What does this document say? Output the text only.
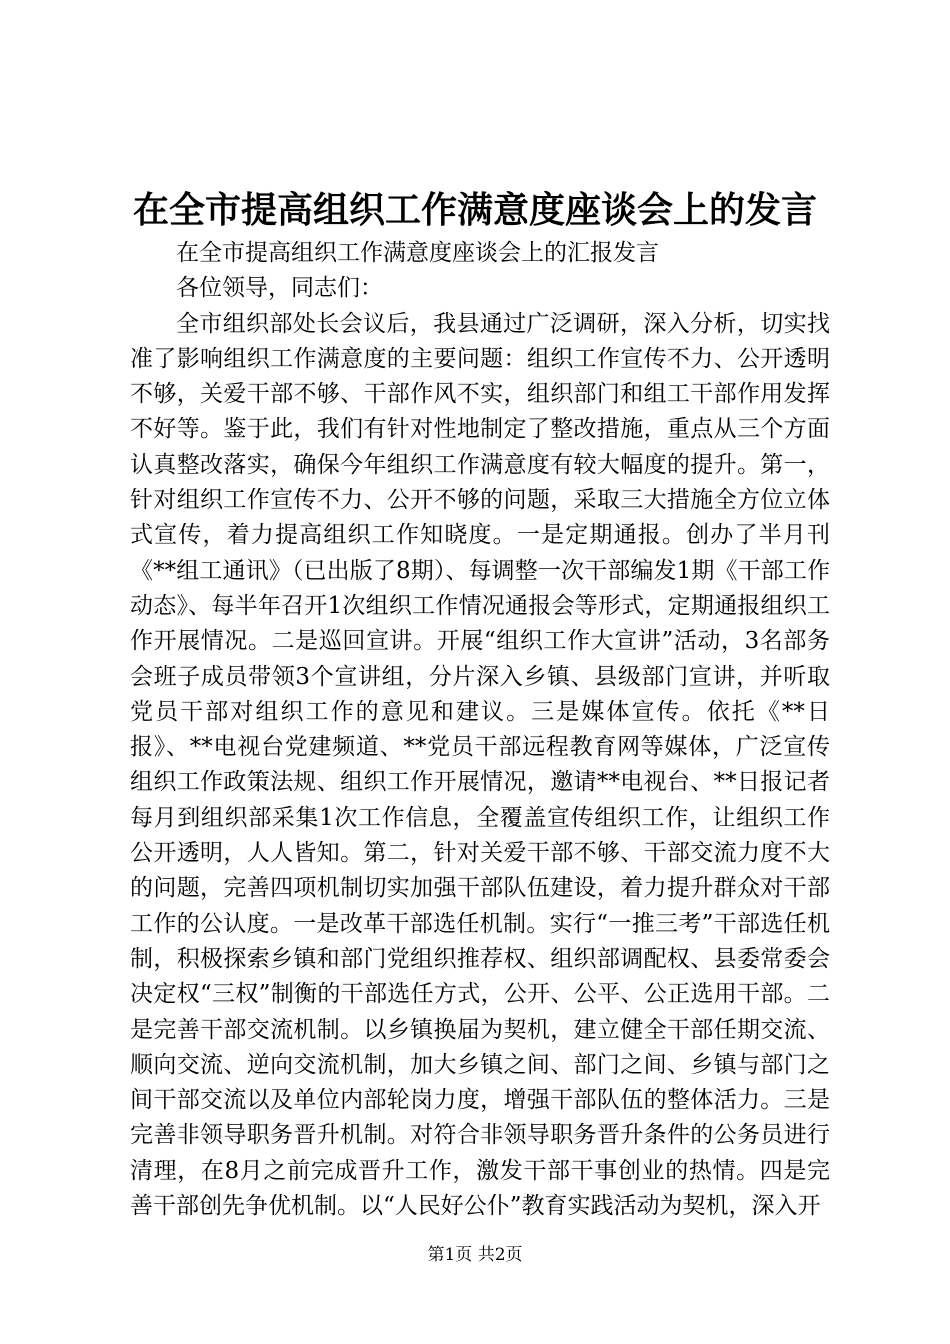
在全市提高组织工作满意度座谈会上的发言

在全市提高组织工作满意度座谈会上的汇报发言

各位领导，同志们：

全市组织部处长会议后，我县通过广泛调研，深入分析，切实找准了影响组织工作满意度的主要问题：组织工作宣传不力、公开透明不够，关爱干部不够、干部作风不实，组织部门和组工干部作用发挥不好等。鉴于此，我们有针对性地制定了整改措施，重点从三个方面认真整改落实，确保今年组织工作满意度有较大幅度的提升。第一，针对组织工作宣传不力、公开不够的问题，采取三大措施全方位立体式宣传，着力提高组织工作知晓度。一是定期通报。创办了半月刊《**组工通讯》（已出版了8期）、每调整一次干部编发1期《干部工作动态》、每半年召开1次组织工作情况通报会等形式，定期通报组织工作开展情况。二是巡回宣讲。开展“组织工作大宣讲”活动，3名部务会班子成员带领3个宣讲组，分片深入乡镇、县级部门宣讲，并听取党员干部对组织工作的意见和建议。三是媒体宣传。依托《**日报》、**电视台党建频道、**党员干部远程教育网等媒体，广泛宣传组织工作政策法规、组织工作开展情况，邀请**电视台、**日报记者每月到组织部采集1次工作信息，全覆盖宣传组织工作，让组织工作公开透明，人人皆知。第二，针对关爱干部不够、干部交流力度不大的问题，完善四项机制切实加强干部队伍建设，着力提升群众对干部工作的公认度。一是改革干部选任机制。实行“一推三考”干部选任机制，积极探索乡镇和部门党组织推荐权、组织部调配权、县委常委会决定权“三权”制衡的干部选任方式，公开、公平、公正选用干部。二是完善干部交流机制。以乡镇换届为契机，建立健全干部任期交流、顺向交流、逆向交流机制，加大乡镇之间、部门之间、乡镇与部门之间干部交流以及单位内部轮岗力度，增强干部队伍的整体活力。三是完善非领导职务晋升机制。对符合非领导职务晋升条件的公务员进行清理，在8月之前完成晋升工作，激发干部干事创业的热情。四是完善干部创先争优机制。以“人民好公仆”教育实践活动为契机，深入开

第1页 共2页
